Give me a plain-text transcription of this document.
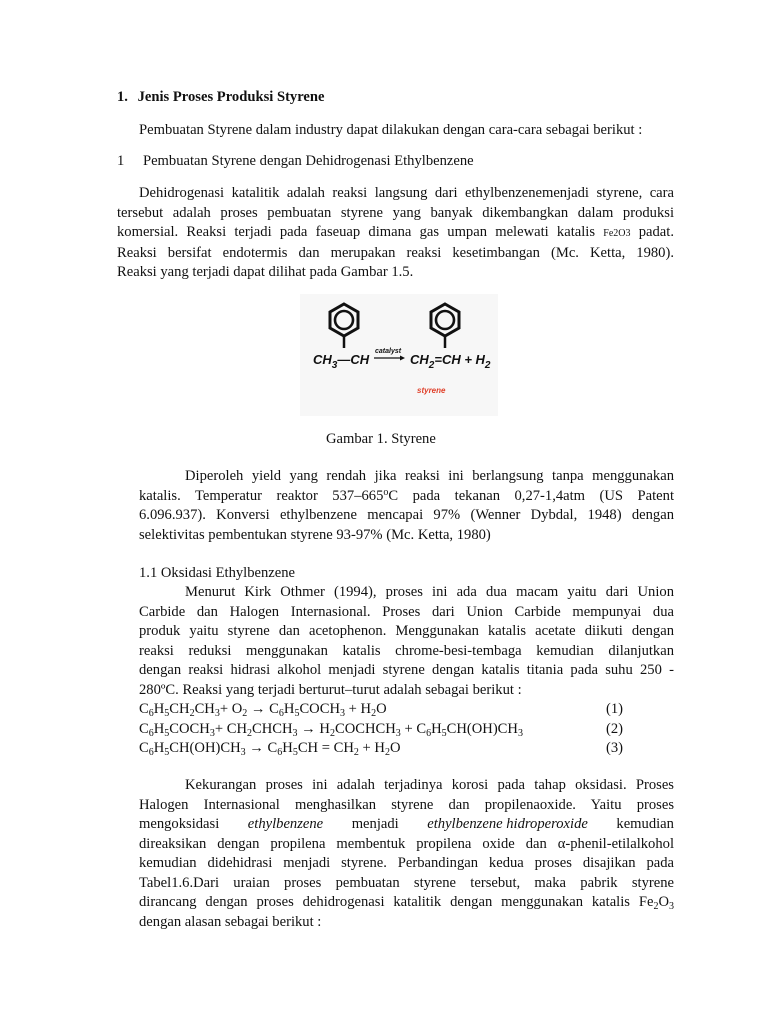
1. Jenis Proses Produksi Styrene
Pembuatan Styrene dalam industry dapat dilakukan dengan cara-cara sebagai berikut :
1 Pembuatan Styrene dengan Dehidrogenasi Ethylbenzene
Dehidrogenasi katalitik adalah reaksi langsung dari ethylbenzenemenjadi styrene, cara
tersebut adalah proses pembuatan styrene yang banyak dikembangkan dalam produksi
komersial. Reaksi terjadi pada faseuap dimana gas umpan melewati katalis Fe2O3 padat.
Reaksi bersifat endotermis dan merupakan reaksi kesetimbangan (Mc. Ketta, 1980).
Reaksi yang terjadi dapat dilihat pada Gambar 1.5.
$CH_3—CH$
catalyst
$CH_2=CH + H_2$
styrene
Gambar 1. Styrene
Diperoleh yield yang rendah jika reaksi ini berlangsung tanpa menggunakan
katalis. Temperatur reaktor 537–665$^o$C pada tekanan 0,27-1,4atm (US Patent
6.096.937). Konversi ethylbenzene mencapai 97% (Wenner Dybdal, 1948) dengan
selektivitas pembentukan styrene 93-97% (Mc. Ketta, 1980)
1.1 Oksidasi Ethylbenzene
Menurut Kirk Othmer (1994), proses ini ada dua macam yaitu dari Union
Carbide dan Halogen Internasional. Proses dari Union Carbide mempunyai dua
produk yaitu styrene dan acetophenon. Menggunakan katalis acetate diikuti dengan
reaksi reduksi menggunakan katalis chrome-besi-tembaga kemudian dilanjutkan
dengan reaksi hidrasi alkohol menjadi styrene dengan katalis titania pada suhu 250 -
280ºC. Reaksi yang terjadi berturut–turut adalah sebagai berikut :
$C_6H_5CH_2CH_3+ O_2$ → $C_6H_5COCH_3 + H_2O$	(1)
$C_6H_5COCH_3+$ $CH_2CHCH_3$ → $H_2COCHCH_3 + C_6H_5CH(OH)CH_3$	(2)
$C_6H_5CH(OH)CH_3 \to C_6H_5CH = CH_2 + H_2O$	(3)
Kekurangan proses ini adalah terjadinya korosi pada tahap oksidasi. Proses
Halogen Internasional menghasilkan styrene dan propilenaoxide. Yaitu proses
mengoksidasi ethylbenzene menjadi ethylbenzene hidroperoxide kemudian
direaksikan dengan propilena membentuk propilena oxide dan α-phenil-etilalkohol
kemudian didehidrasi menjadi styrene. Perbandingan kedua proses disajikan pada
Tabel1.6.Dari uraian proses pembuatan styrene tersebut, maka pabrik styrene
dirancang dengan proses dehidrogenasi katalitik dengan menggunakan katalis $Fe_2O_3$
dengan alasan sebagai berikut :
